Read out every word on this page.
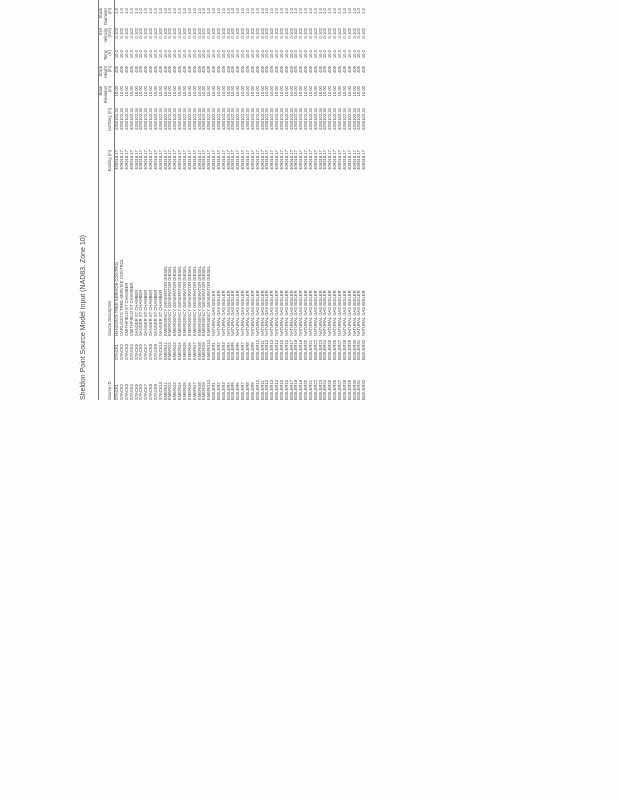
Sheldon Point Source Model Input (NAD83, Zone 10)
		Source ID			Source Description	Easting (m)	Northing (m)	Base Elevation (m)	Stack Height (m)	Temp (K)	Exit Velocity (m/s)	Stack Diameter (m)				
STACK1		STACK1	HANSON'S TREE SERVICE CONTROL	409318.17	4250102.34	10.00	405	10.0	0.102	1.0				
STACK2		STACK2	CARLSON'S TREE SERVICE CONTROL	409318.17	4250102.34	10.00	405	10.0	0.102	1.0				
STACK3		STACK3	SMITHFIELD ST CHAMBER	409318.17	4250102.34	10.00	405	10.0	0.102	1.0				
STACK4		STACK4	SMITHFIELD ST CHAMBER	409318.17	4250102.34	10.00	405	10.0	0.102	1.0				
STACK5		STACK5	SANGER ST CHAMBER	409318.17	4250102.34	10.00	405	10.0	0.102	1.0				
STACK6		STACK6	SANGER ST CHAMBER	409318.17	4250102.34	10.00	405	10.0	0.102	1.0				
STACK7		STACK7	SANGER ST CHAMBER	409318.17	4250102.34	10.00	405	10.0	0.102	1.0				
STACK8		STACK8	SANGER ST CHAMBER	409318.17	4250102.34	10.00	405	10.0	0.102	1.0				
STACK9		STACK9	SANGER ST CHAMBER	409318.17	4250102.34	10.00	405	10.0	0.102	1.0				
STACK10		STACK10	SANGER ST CHAMBER	409318.17	4250102.34	10.00	405	10.0	0.102	1.0				
EMERG1		EMERG1	EMERGENCY GENERATOR DIESEL	409318.17	4250102.34	10.00	405	10.0	0.102	1.0				
EMERG2		EMERG2	EMERGENCY GENERATOR DIESEL	409318.17	4250102.34	10.00	405	10.0	0.102	1.0				
EMERG3		EMERG3	EMERGENCY GENERATOR DIESEL	409318.17	4250102.34	10.00	405	10.0	0.102	1.0				
EMERG4		EMERG4	EMERGENCY GENERATOR DIESEL	409318.17	4250102.34	10.00	405	10.0	0.102	1.0				
EMERG5		EMERG5	EMERGENCY GENERATOR DIESEL	409318.17	4250102.34	10.00	405	10.0	0.102	1.0				
EMERG6		EMERG6	EMERGENCY GENERATOR DIESEL	409318.17	4250102.34	10.00	405	10.0	0.102	1.0				
EMERG7		EMERG7	EMERGENCY GENERATOR DIESEL	409318.17	4250102.34	10.00	405	10.0	0.102	1.0				
EMERG8		EMERG8	EMERGENCY GENERATOR DIESEL	409318.17	4250102.34	10.00	405	10.0	0.102	1.0				
EMERG9		EMERG9	EMERGENCY GENERATOR DIESEL	409318.17	4250102.34	10.00	405	10.0	0.102	1.0				
EMERG10		EMERG10	EMERGENCY GENERATOR DIESEL	409318.17	4250102.34	10.00	405	10.0	0.102	1.0				
BOILER1		BOILER1	NATURAL GAS BOILER	409318.17	4250102.34	10.00	405	10.0	0.102	1.0				
BOILER2		BOILER2	NATURAL GAS BOILER	409318.17	4250102.34	10.00	405	10.0	0.102	1.0				
BOILER3		BOILER3	NATURAL GAS BOILER	409318.17	4250102.34	10.00	405	10.0	0.102	1.0				
BOILER4		BOILER4	NATURAL GAS BOILER	409318.17	4250102.34	10.00	405	10.0	0.102	1.0				
BOILER5		BOILER5	NATURAL GAS BOILER	409318.17	4250102.34	10.00	405	10.0	0.102	1.0				
BOILER6		BOILER6	NATURAL GAS BOILER	409318.17	4250102.34	10.00	405	10.0	0.102	1.0				
BOILER7		BOILER7	NATURAL GAS BOILER	409318.17	4250102.34	10.00	405	10.0	0.102	1.0				
BOILER8		BOILER8	NATURAL GAS BOILER	409318.17	4250102.34	10.00	405	10.0	0.102	1.0				
BOILER9		BOILER9	NATURAL GAS BOILER	409318.17	4250102.34	10.00	405	10.0	0.102	1.0				
BOILER10		BOILER10	NATURAL GAS BOILER	409318.17	4250102.34	10.00	405	10.0	0.102	1.0				
BOILER11		BOILER11	NATURAL GAS BOILER	409318.17	4250102.34	10.00	405	10.0	0.102	1.0				
BOILER12		BOILER12	NATURAL GAS BOILER	409318.17	4250102.34	10.00	405	10.0	0.102	1.0				
BOILER13		BOILER13	NATURAL GAS BOILER	409318.17	4250102.34	10.00	405	10.0	0.102	1.0				
BOILER14		BOILER14	NATURAL GAS BOILER	409318.17	4250102.34	10.00	405	10.0	0.102	1.0				
BOILER15		BOILER15	NATURAL GAS BOILER	409318.17	4250102.34	10.00	405	10.0	0.102	1.0				
BOILER16		BOILER16	NATURAL GAS BOILER	409318.17	4250102.34	10.00	405	10.0	0.102	1.0				
BOILER17		BOILER17	NATURAL GAS BOILER	409318.17	4250102.34	10.00	405	10.0	0.102	1.0				
BOILER18		BOILER18	NATURAL GAS BOILER	409318.17	4250102.34	10.00	405	10.0	0.102	1.0				
BOILER19		BOILER19	NATURAL GAS BOILER	409318.17	4250102.34	10.00	405	10.0	0.102	1.0				
BOILER20		BOILER20	NATURAL GAS BOILER	409318.17	4250102.34	10.00	405	10.0	0.102	1.0				
BOILER21		BOILER21	NATURAL GAS BOILER	409318.17	4250102.34	10.00	405	10.0	0.102	1.0				
BOILER22		BOILER22	NATURAL GAS BOILER	409318.17	4250102.34	10.00	405	10.0	0.102	1.0				
BOILER23		BOILER23	NATURAL GAS BOILER	409318.17	4250102.34	10.00	405	10.0	0.102	1.0				
BOILER24		BOILER24	NATURAL GAS BOILER	409318.17	4250102.34	10.00	405	10.0	0.102	1.0				
BOILER25		BOILER25	NATURAL GAS BOILER	409318.17	4250102.34	10.00	405	10.0	0.102	1.0				
BOILER26		BOILER26	NATURAL GAS BOILER	409318.17	4250102.34	10.00	405	10.0	0.102	1.0				
BOILER27		BOILER27	NATURAL GAS BOILER	409318.17	4250102.34	10.00	405	10.0	0.102	1.0				
BOILER28		BOILER28	NATURAL GAS BOILER	409318.17	4250102.34	10.00	405	10.0	0.102	1.0				
BOILER29		BOILER29	NATURAL GAS BOILER	409318.17	4250102.34	10.00	405	10.0	0.102	1.0				
BOILER30		BOILER30	NATURAL GAS BOILER	409318.17	4250102.34	10.00	405	10.0	0.102	1.0				
BOILER31		BOILER31	NATURAL GAS BOILER	409318.17	4250102.34	10.00	405	10.0	0.102	1.0				
BOILER32		BOILER32	NATURAL GAS BOILER	409318.17	4250102.34	10.00	405	10.0	0.102	1.0				
